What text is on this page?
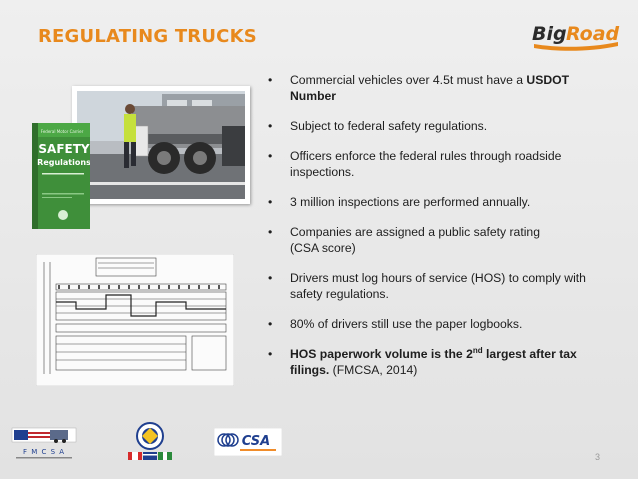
REGULATING TRUCKS	Big Road
Federal Motor Carrier
SAFETY
Regulations
• Commercial vehicles over 4.5t must have a USDOT Number
• Subject to federal safety regulations.
• Officers enforce the federal rules through roadside inspections.
• 3 million inspections are performed annually.
• Companies are assigned a public safety rating
(CSA score)
• Drivers must log hours of service (HOS) to comply with safety regulations.
• 80% of drivers still use the paper logbooks.
• HOS paperwork volume is the 2nd largest after tax filings. (FMCSA, 2014)
F M C S A
CSA
3
